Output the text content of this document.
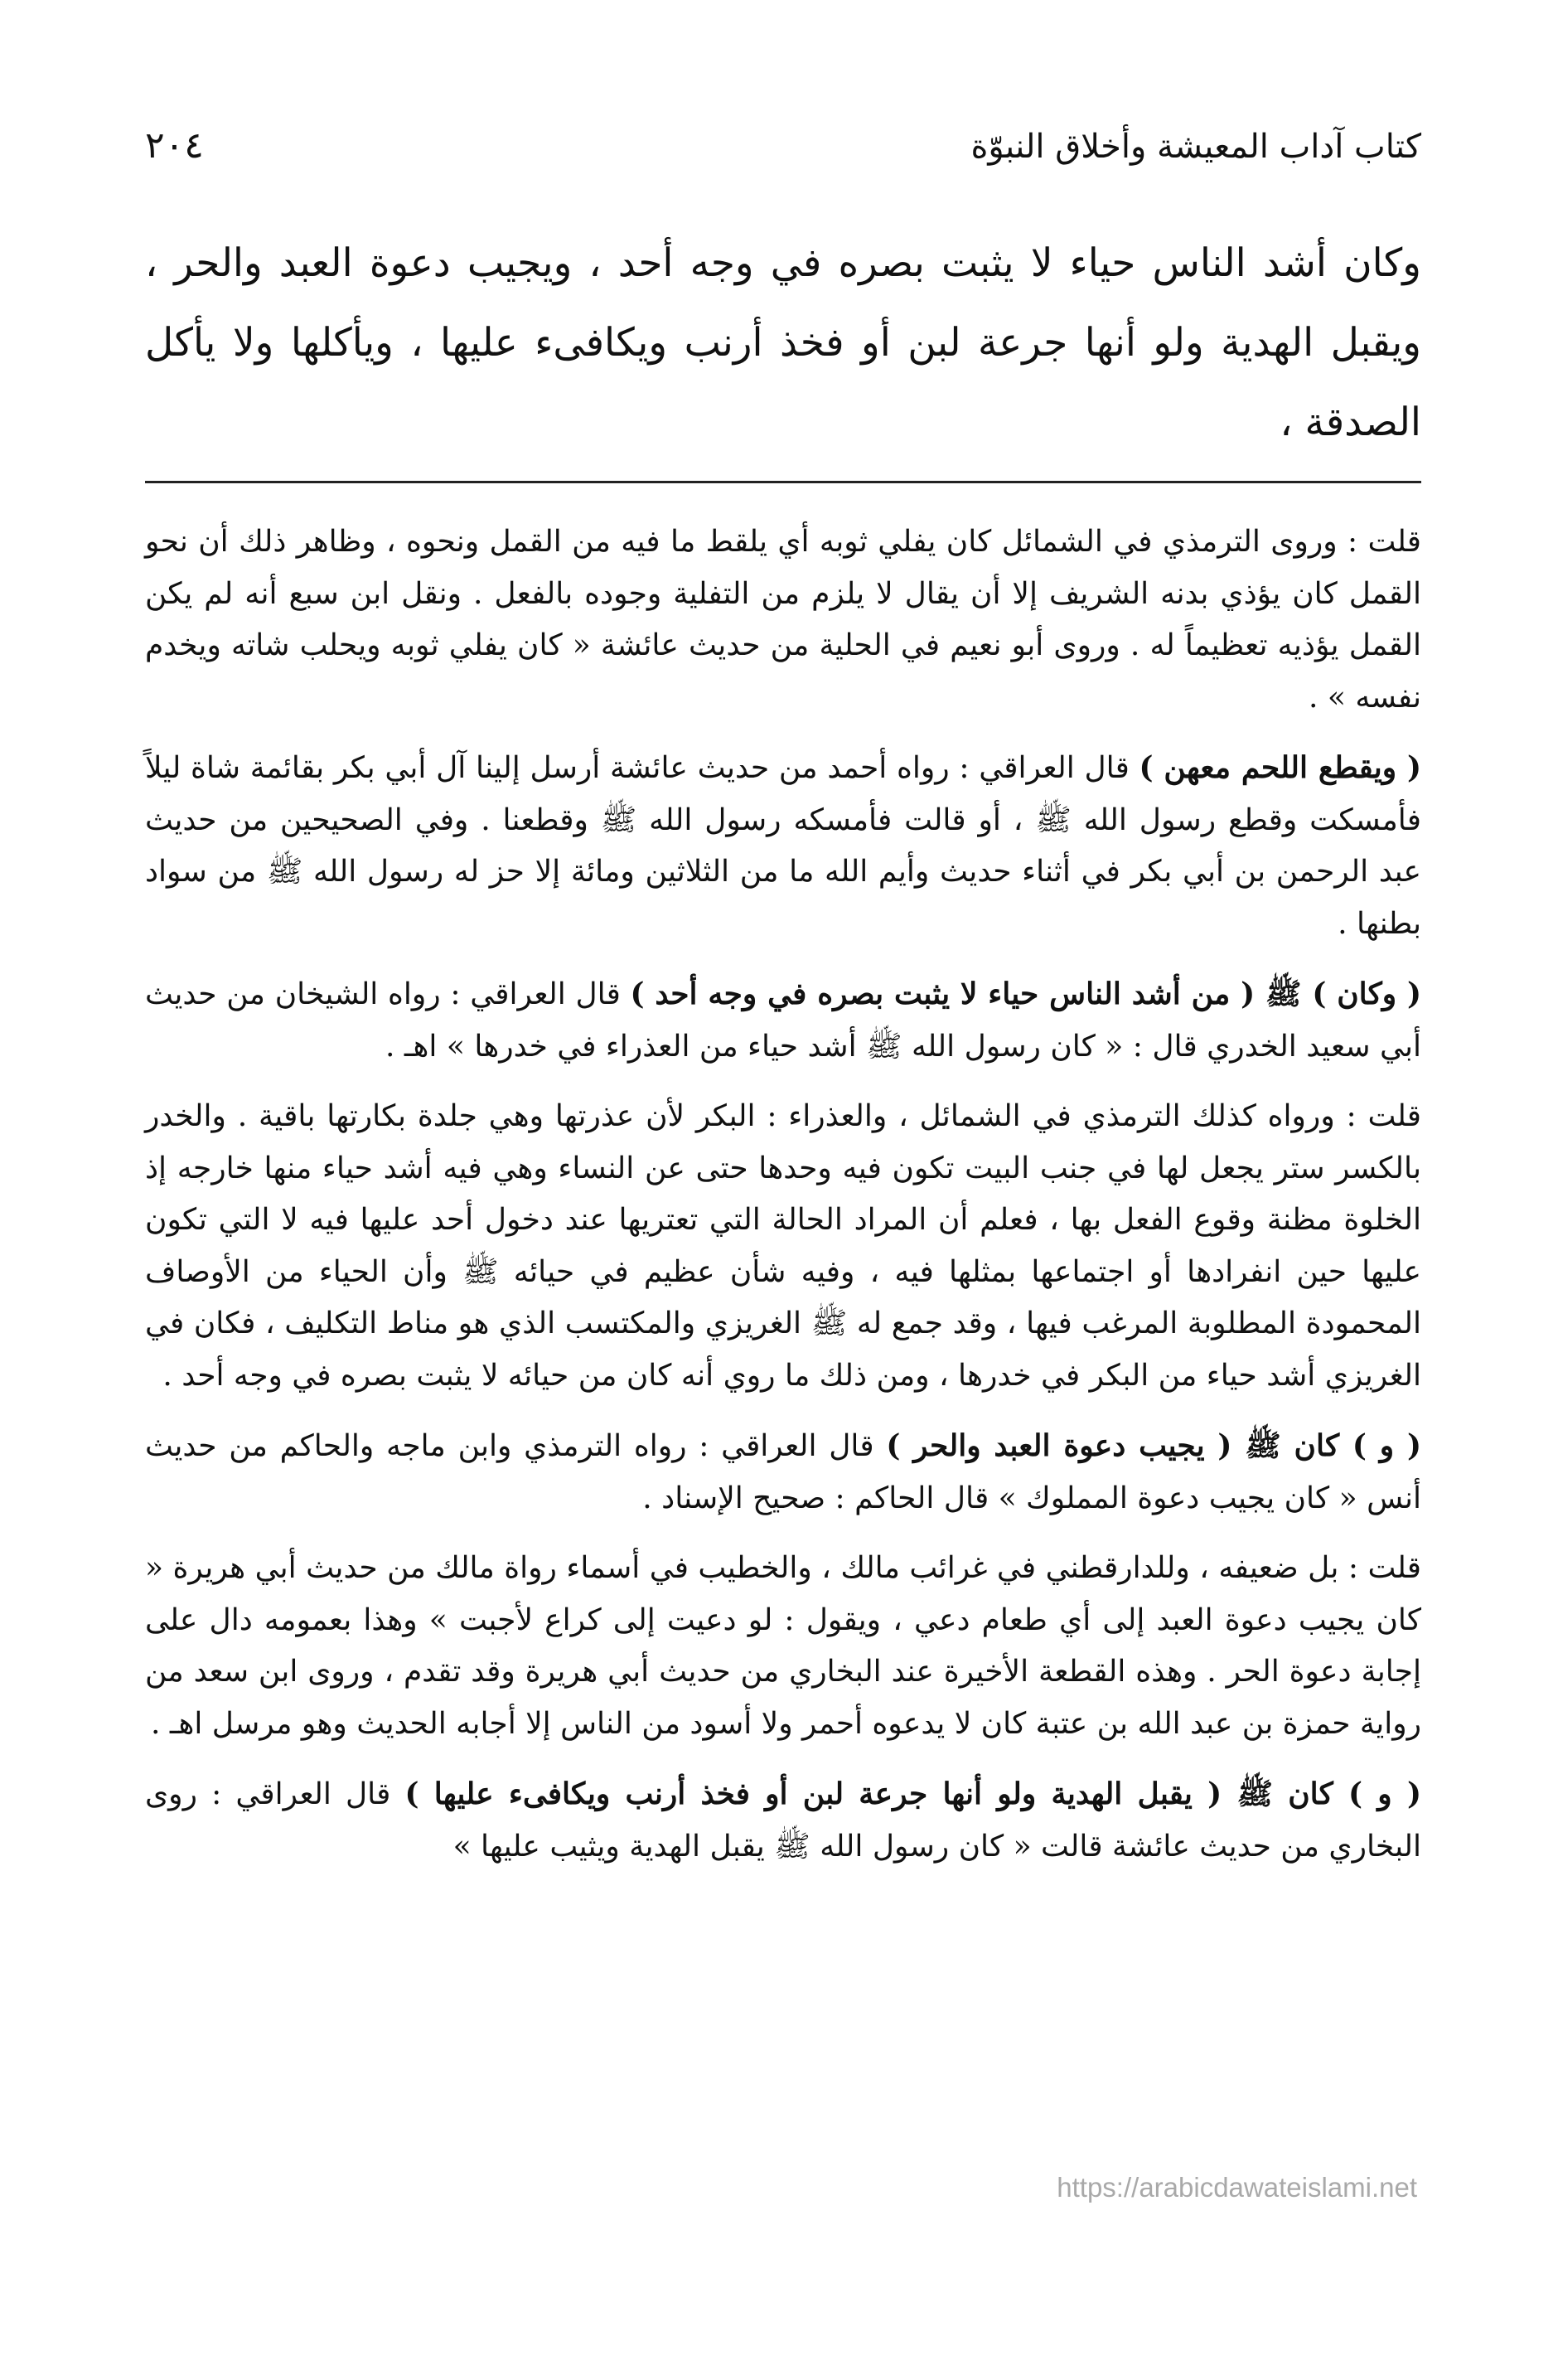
كتاب آداب المعيشة وأخلاق النبوّة
٢٠٤
وكان أشد الناس حياء لا يثبت بصره في وجه أحد ، ويجيب دعوة العبد والحر ، ويقبل الهدية ولو أنها جرعة لبن أو فخذ أرنب ويكافىء عليها ، ويأكلها ولا يأكل الصدقة ،

قلت : وروى الترمذي في الشمائل كان يفلي ثوبه أي يلقط ما فيه من القمل ونحوه ، وظاهر ذلك أن نحو القمل كان يؤذي بدنه الشريف إلا أن يقال لا يلزم من التفلية وجوده بالفعل . ونقل ابن سبع أنه لم يكن القمل يؤذيه تعظيماً له . وروى أبو نعيم في الحلية من حديث عائشة « كان يفلي ثوبه ويحلب شاته ويخدم نفسه » .

( ويقطع اللحم معهن ) قال العراقي : رواه أحمد من حديث عائشة أرسل إلينا آل أبي بكر بقائمة شاة ليلاً فأمسكت وقطع رسول الله ﷺ ، أو قالت فأمسكه رسول الله ﷺ وقطعنا . وفي الصحيحين من حديث عبد الرحمن بن أبي بكر في أثناء حديث وأيم الله ما من الثلاثين ومائة إلا حز له رسول الله ﷺ من سواد بطنها .

( وكان ) ﷺ ( من أشد الناس حياء لا يثبت بصره في وجه أحد ) قال العراقي : رواه الشيخان من حديث أبي سعيد الخدري قال : « كان رسول الله ﷺ أشد حياء من العذراء في خدرها » اهـ .

قلت : ورواه كذلك الترمذي في الشمائل ، والعذراء : البكر لأن عذرتها وهي جلدة بكارتها باقية . والخدر بالكسر ستر يجعل لها في جنب البيت تكون فيه وحدها حتى عن النساء وهي فيه أشد حياء منها خارجه إذ الخلوة مظنة وقوع الفعل بها ، فعلم أن المراد الحالة التي تعتريها عند دخول أحد عليها فيه لا التي تكون عليها حين انفرادها أو اجتماعها بمثلها فيه ، وفيه شأن عظيم في حيائه ﷺ وأن الحياء من الأوصاف المحمودة المطلوبة المرغب فيها ، وقد جمع له ﷺ الغريزي والمكتسب الذي هو مناط التكليف ، فكان في الغريزي أشد حياء من البكر في خدرها ، ومن ذلك ما روي أنه كان من حيائه لا يثبت بصره في وجه أحد .

( و ) كان ﷺ ( يجيب دعوة العبد والحر ) قال العراقي : رواه الترمذي وابن ماجه والحاكم من حديث أنس « كان يجيب دعوة المملوك » قال الحاكم : صحيح الإسناد .

قلت : بل ضعيفه ، وللدارقطني في غرائب مالك ، والخطيب في أسماء رواة مالك من حديث أبي هريرة « كان يجيب دعوة العبد إلى أي طعام دعي ، ويقول : لو دعيت إلى كراع لأجبت » وهذا بعمومه دال على إجابة دعوة الحر . وهذه القطعة الأخيرة عند البخاري من حديث أبي هريرة وقد تقدم ، وروى ابن سعد من رواية حمزة بن عبد الله بن عتبة كان لا يدعوه أحمر ولا أسود من الناس إلا أجابه الحديث وهو مرسل اهـ .

( و ) كان ﷺ ( يقبل الهدية ولو أنها جرعة لبن أو فخذ أرنب ويكافىء عليها ) قال العراقي : روى البخاري من حديث عائشة قالت « كان رسول الله ﷺ يقبل الهدية ويثيب عليها »

https://arabicdawateislami.net
